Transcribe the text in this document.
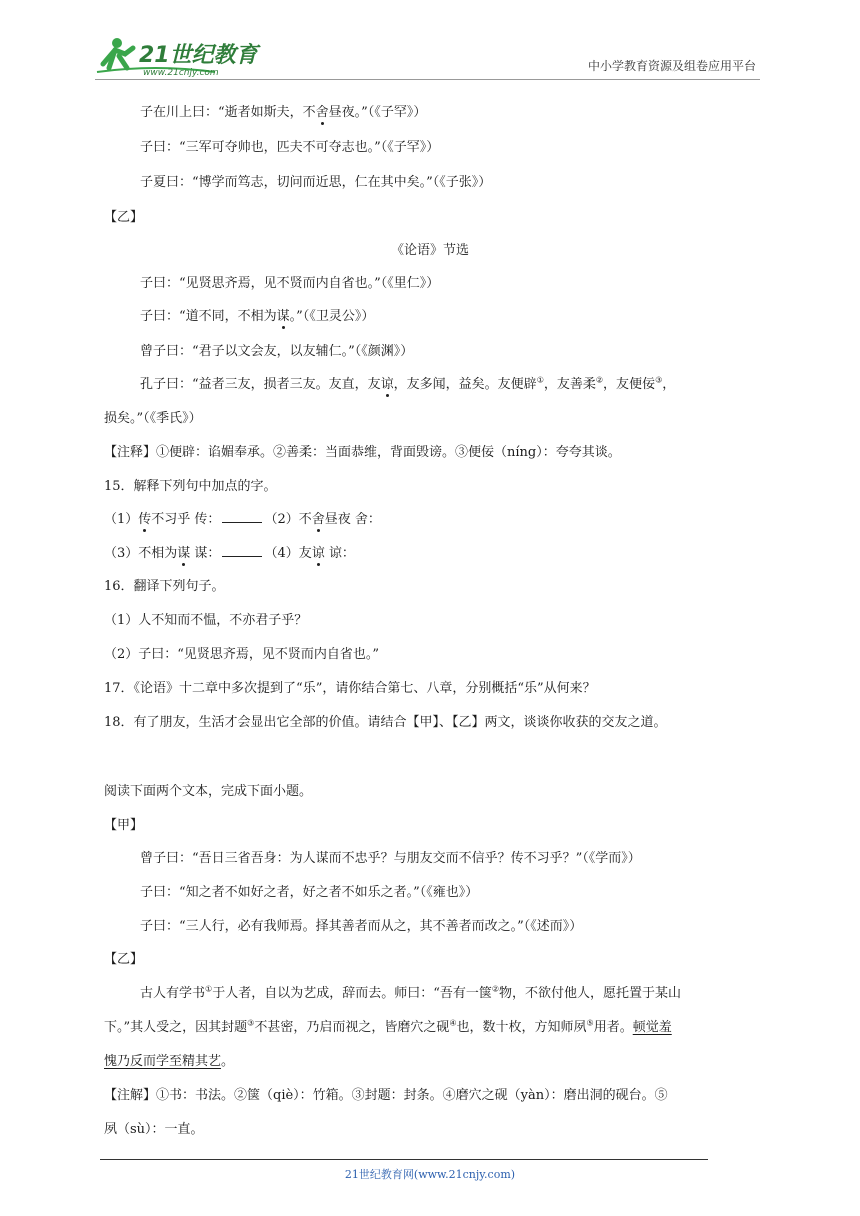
21世纪教育
www.21cnjy.com	中小学教育资源及组卷应用平台
子在川上曰：“逝者如斯夫，不舍昼夜。”（《子罕》）
子曰：“三军可夺帅也，匹夫不可夺志也。”（《子罕》）
子夏曰：“博学而笃志，切问而近思，仁在其中矣。”（《子张》）
【乙】
《论语》节选
子曰：“见贤思齐焉，见不贤而内自省也。”（《里仁》）
子曰：“道不同，不相为谋。”（《卫灵公》）
曾子曰：“君子以文会友，以友辅仁。”（《颜渊》）
孔子曰：“益者三友，损者三友。友直，友谅，友多闻，益矣。友便辟①，友善柔②，友便佞③，
损矣。”（《季氏》）
【注释】①便辟：谄媚奉承。②善柔：当面恭维，背面毁谤。③便佞（níng）：夸夸其谈。
15．解释下列句中加点的字。
（1）传不习乎 传：	（2）不舍昼夜 舍：
（3）不相为谋 谋：	（4）友谅 谅：
16．翻译下列句子。
（1）人不知而不愠，不亦君子乎？
（2）子曰：“见贤思齐焉，见不贤而内自省也。”
17．《论语》十二章中多次提到了“乐”，请你结合第七、八章，分别概括“乐”从何来？
18．有了朋友，生活才会显出它全部的价值。请结合【甲】、【乙】两文，谈谈你收获的交友之道。
阅读下面两个文本，完成下面小题。
【甲】
曾子曰：“吾日三省吾身：为人谋而不忠乎？与朋友交而不信乎？传不习乎？”（《学而》）
子曰：“知之者不如好之者，好之者不如乐之者。”（《雍也》）
子曰：“三人行，必有我师焉。择其善者而从之，其不善者而改之。”（《述而》）
【乙】
古人有学书①于人者，自以为艺成，辞而去。师曰：“吾有一箧②物，不欲付他人，愿托置于某山
下。”其人受之，因其封题③不甚密，乃启而视之，皆磨穴之砚④也，数十枚，方知师夙⑤用者。顿觉羞
愧乃反而学至精其艺。
【注解】①书：书法。②箧（qiè）：竹箱。③封题：封条。④磨穴之砚（yàn）：磨出洞的砚台。⑤
夙（sù）：一直。
21世纪教育网(www.21cnjy.com)
